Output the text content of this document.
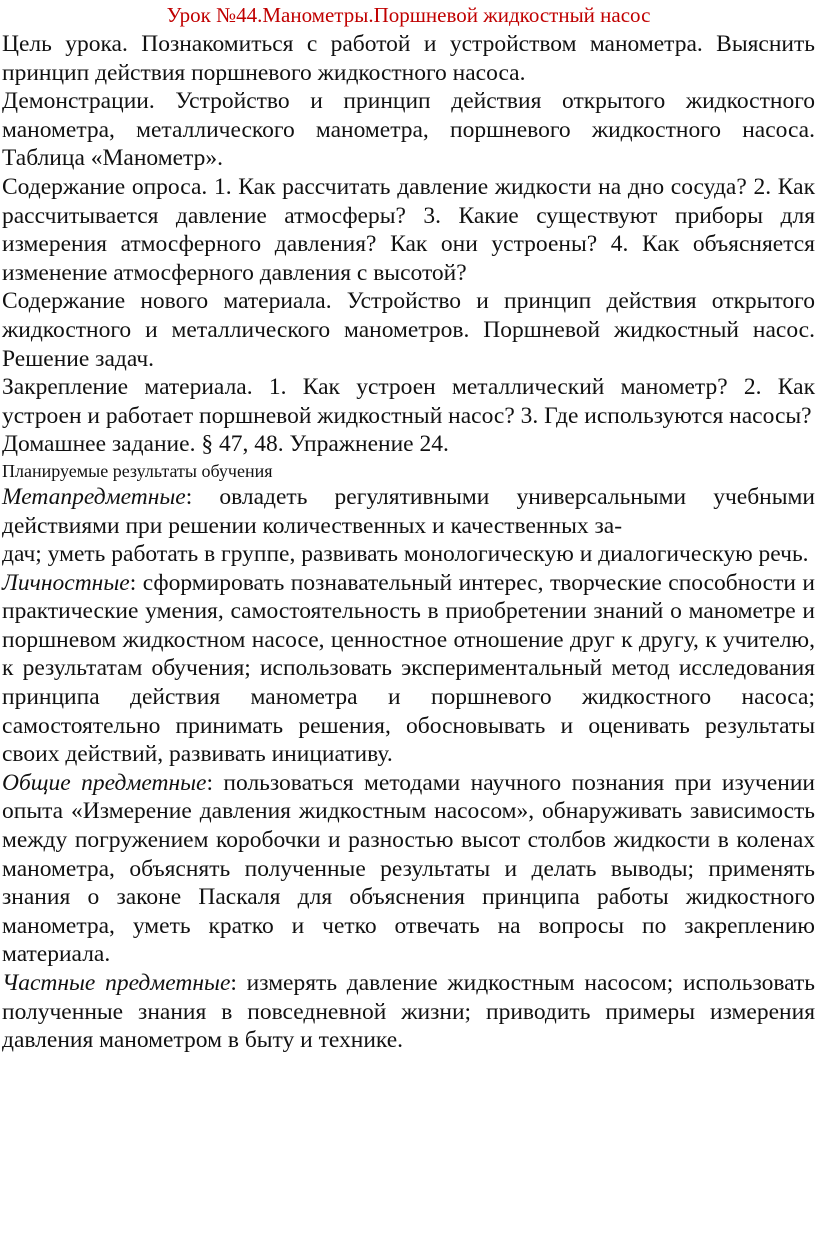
Урок №44.Манометры.Поршневой жидкостный насос

Цель урока. Познакомиться с работой и устройством манометра. Выяснить принцип действия поршневого жидкостного насоса.

Демонстрации. Устройство и принцип действия открытого жидкостного манометра, металлического манометра, поршневого жидкостного насоса. Таблица «Манометр».

Содержание опроса. 1. Как рассчитать давление жидкости на дно сосуда? 2. Как рассчитывается давление атмосферы? 3. Какие существуют приборы для измерения атмосферного давления? Как они устроены? 4. Как объясняется изменение атмосферного давления с высотой?

Содержание нового материала. Устройство и принцип действия открытого жидкостного и металлического манометров. Поршневой жидкостный насос. Решение задач.

Закрепление материала. 1. Как устроен металлический манометр? 2. Как устроен и работает поршневой жидкостный насос? 3. Где используются насосы?

Домашнее задание. § 47, 48. Упражнение 24.

Планируемые результаты обучения

Метапредметные: овладеть регулятивными универсальными учебными действиями при решении количественных и качественных за-

дач; уметь работать в группе, развивать монологическую и диалогическую речь.

Личностные: сформировать познавательный интерес, творческие способности и практические умения, самостоятельность в приобретении знаний о манометре и поршневом жидкостном насосе, ценностное отношение друг к другу, к учителю, к результатам обучения; использовать экспериментальный метод исследования принципа действия манометра и поршневого жидкостного насоса; самостоятельно принимать решения, обосновывать и оценивать результаты своих действий, развивать инициативу.

Общие предметные: пользоваться методами научного познания при изучении опыта «Измерение давления жидкостным насосом», обнаруживать зависимость между погружением коробочки и разностью высот столбов жидкости в коленах манометра, объяснять полученные результаты и делать выводы; применять знания о законе Паскаля для объяснения принципа работы жидкостного манометра, уметь кратко и четко отвечать на вопросы по закреплению материала.

Частные предметные: измерять давление жидкостным насосом; использовать полученные знания в повседневной жизни; приводить примеры измерения давления манометром в быту и технике.
